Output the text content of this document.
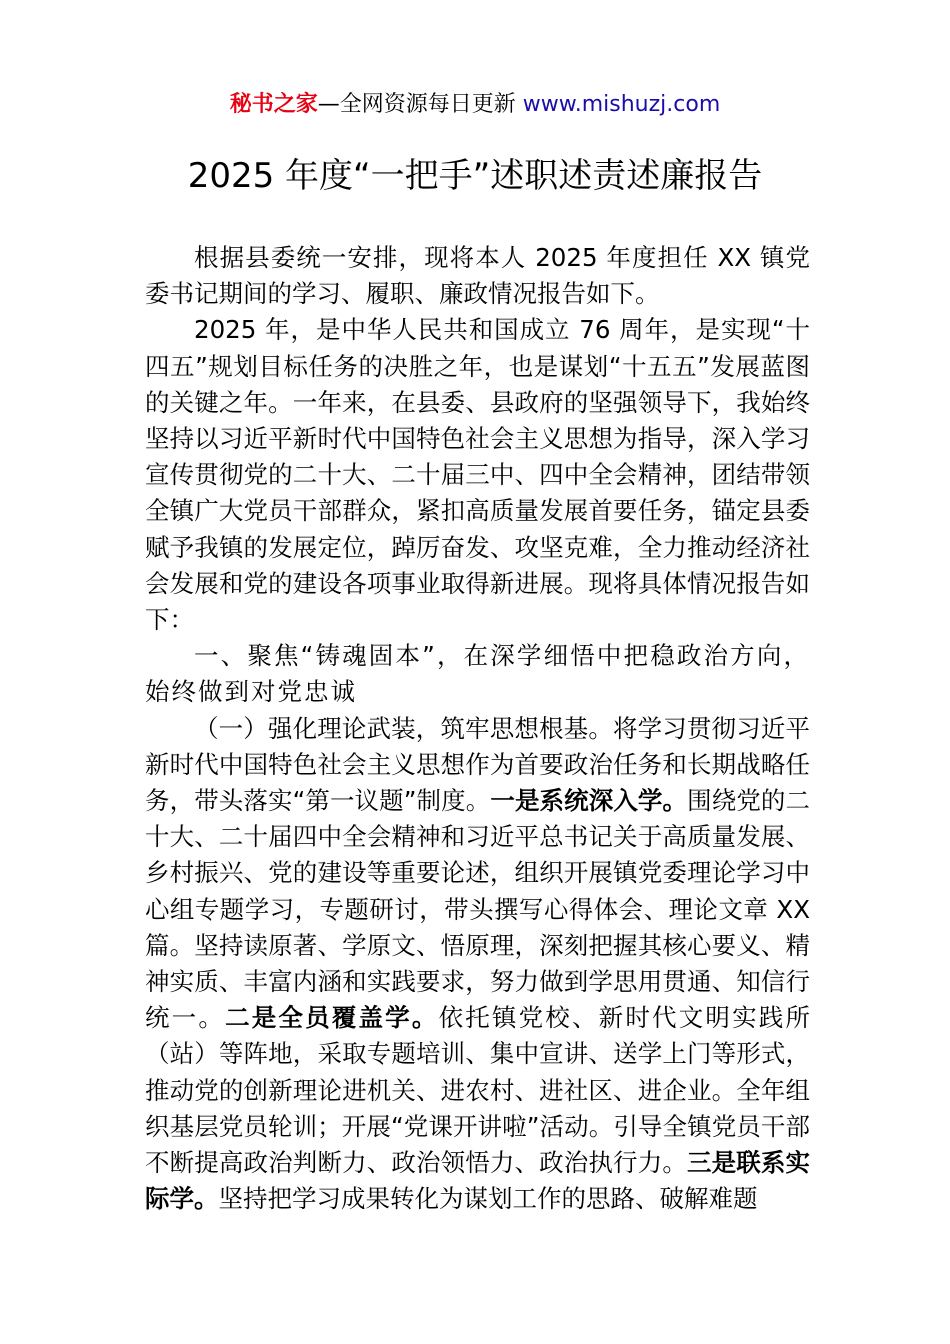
秘书之家—全网资源每日更新 www.mishuzj.com
2025 年度“一把手”述职述责述廉报告

根据县委统一安排，现将本人 2025 年度担任 XX 镇党委书记期间的学习、履职、廉政情况报告如下。

2025 年，是中华人民共和国成立 76 周年，是实现“十四五”规划目标任务的决胜之年，也是谋划“十五五”发展蓝图的关键之年。一年来，在县委、县政府的坚强领导下，我始终坚持以习近平新时代中国特色社会主义思想为指导，深入学习宣传贯彻党的二十大、二十届三中、四中全会精神，团结带领全镇广大党员干部群众，紧扣高质量发展首要任务，锚定县委赋予我镇的发展定位，踔厉奋发、攻坚克难，全力推动经济社会发展和党的建设各项事业取得新进展。现将具体情况报告如下：

一、聚焦“铸魂固本”，在深学细悟中把稳政治方向，始终做到对党忠诚

（一）强化理论武装，筑牢思想根基。将学习贯彻习近平新时代中国特色社会主义思想作为首要政治任务和长期战略任务，带头落实“第一议题”制度。一是系统深入学。围绕党的二十大、二十届四中全会精神和习近平总书记关于高质量发展、乡村振兴、党的建设等重要论述，组织开展镇党委理论学习中心组专题学习，专题研讨，带头撰写心得体会、理论文章 XX 篇。坚持读原著、学原文、悟原理，深刻把握其核心要义、精神实质、丰富内涵和实践要求，努力做到学思用贯通、知信行统一。二是全员覆盖学。依托镇党校、新时代文明实践所（站）等阵地，采取专题培训、集中宣讲、送学上门等形式，推动党的创新理论进机关、进农村、进社区、进企业。全年组织基层党员轮训；开展“党课开讲啦”活动。引导全镇党员干部不断提高政治判断力、政治领悟力、政治执行力。三是联系实际学。坚持把学习成果转化为谋划工作的思路、破解难题
